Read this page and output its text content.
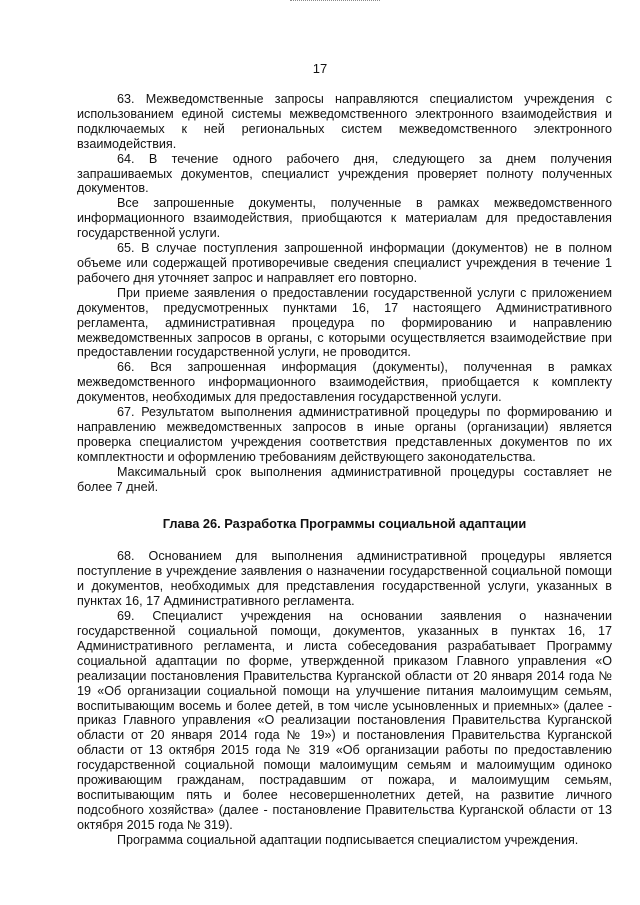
17

63. Межведомственные запросы направляются специалистом учреждения с использованием единой системы межведомственного электронного взаимодействия и подключаемых к ней региональных систем межведомственного электронного взаимодействия.

64. В течение одного рабочего дня, следующего за днем получения запрашиваемых документов, специалист учреждения проверяет полноту полученных документов.

Все запрошенные документы, полученные в рамках межведомственного информационного взаимодействия, приобщаются к материалам для предоставления государственной услуги.

65. В случае поступления запрошенной информации (документов) не в полном объеме или содержащей противоречивые сведения специалист учреждения в течение 1 рабочего дня уточняет запрос и направляет его повторно.

При приеме заявления о предоставлении государственной услуги с приложением документов, предусмотренных пунктами 16, 17 настоящего Административного регламента, административная процедура по формированию и направлению межведомственных запросов в органы, с которыми осуществляется взаимодействие при предоставлении государственной услуги, не проводится.

66. Вся запрошенная информация (документы), полученная в рамках межведомственного информационного взаимодействия, приобщается к комплекту документов, необходимых для предоставления государственной услуги.

67. Результатом выполнения административной процедуры по формированию и направлению межведомственных запросов в иные органы (организации) является проверка специалистом учреждения соответствия представленных документов по их комплектности и оформлению требованиям действующего законодательства.

Максимальный срок выполнения административной процедуры составляет не более 7 дней.

Глава 26. Разработка Программы социальной адаптации

68. Основанием для выполнения административной процедуры является поступление в учреждение заявления о назначении государственной социальной помощи и документов, необходимых для представления государственной услуги, указанных в пунктах 16, 17 Административного регламента.

69. Специалист учреждения на основании заявления о назначении государственной социальной помощи, документов, указанных в пунктах 16, 17 Административного регламента, и листа собеседования разрабатывает Программу социальной адаптации по форме, утвержденной приказом Главного управления «О реализации постановления Правительства Курганской области от 20 января 2014 года № 19 «Об организации социальной помощи на улучшение питания малоимущим семьям, воспитывающим восемь и более детей, в том числе усыновленных и приемных» (далее - приказ Главного управления «О реализации постановления Правительства Курганской области от 20 января 2014 года № 19») и постановления Правительства Курганской области от 13 октября 2015 года № 319 «Об организации работы по предоставлению государственной социальной помощи малоимущим семьям и малоимущим одиноко проживающим гражданам, пострадавшим от пожара, и малоимущим семьям, воспитывающим пять и более несовершеннолетних детей, на развитие личного подсобного хозяйства» (далее - постановление Правительства Курганской области от 13 октября 2015 года № 319).

Программа социальной адаптации подписывается специалистом учреждения.
